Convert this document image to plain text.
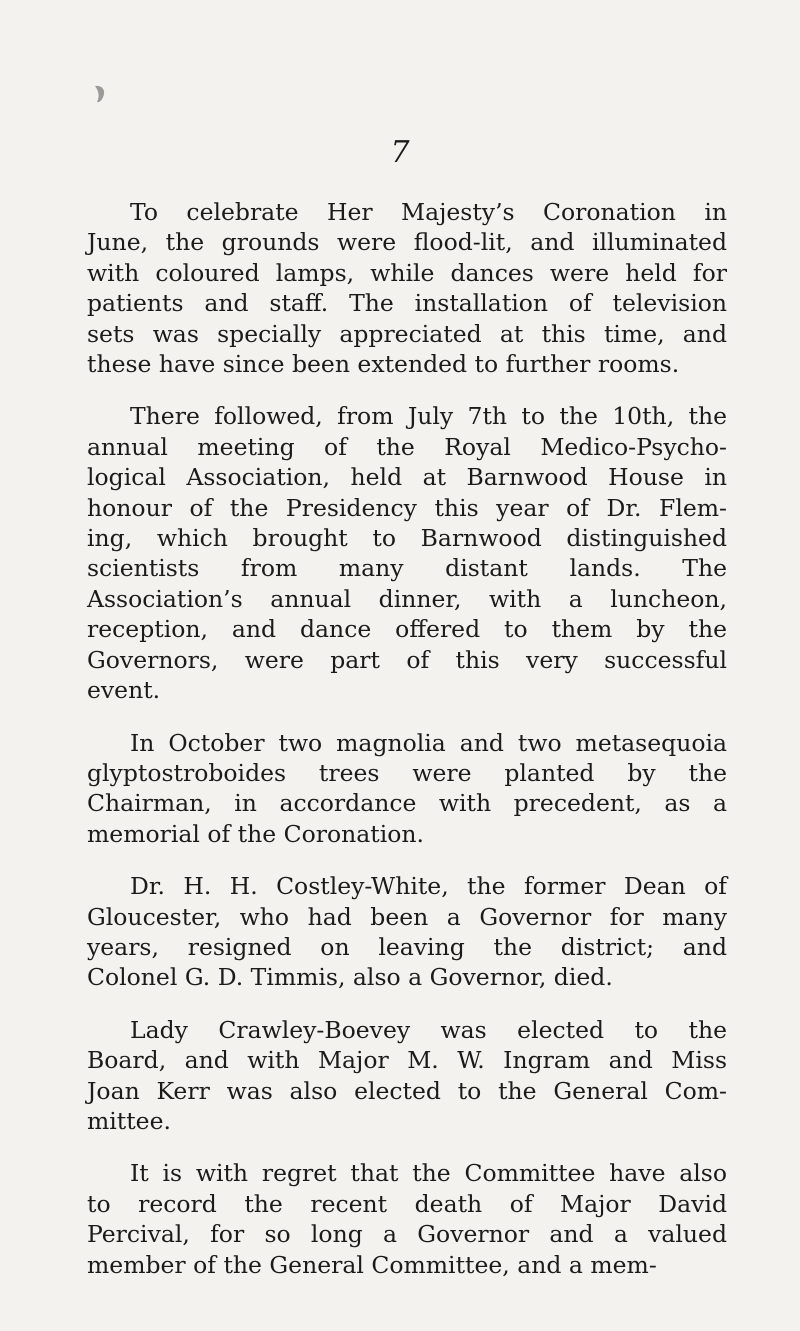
7

To celebrate Her Majesty’s Coronation in
June, the grounds were flood-lit, and illuminated
with coloured lamps, while dances were held for
patients and staff. The installation of television
sets was specially appreciated at this time, and
these have since been extended to further rooms.

There followed, from July 7th to the 10th, the
annual meeting of the Royal Medico-Psycho-
logical Association, held at Barnwood House in
honour of the Presidency this year of Dr. Flem-
ing, which brought to Barnwood distinguished
scientists from many distant lands. The
Association’s annual dinner, with a luncheon,
reception, and dance offered to them by the
Governors, were part of this very successful
event.

In October two magnolia and two metasequoia
glyptostroboides trees were planted by the
Chairman, in accordance with precedent, as a
memorial of the Coronation.

Dr. H. H. Costley-White, the former Dean of
Gloucester, who had been a Governor for many
years, resigned on leaving the district; and
Colonel G. D. Timmis, also a Governor, died.

Lady Crawley-Boevey was elected to the
Board, and with Major M. W. Ingram and Miss
Joan Kerr was also elected to the General Com-
mittee.

It is with regret that the Committee have also
to record the recent death of Major David
Percival, for so long a Governor and a valued
member of the General Committee, and a mem-
